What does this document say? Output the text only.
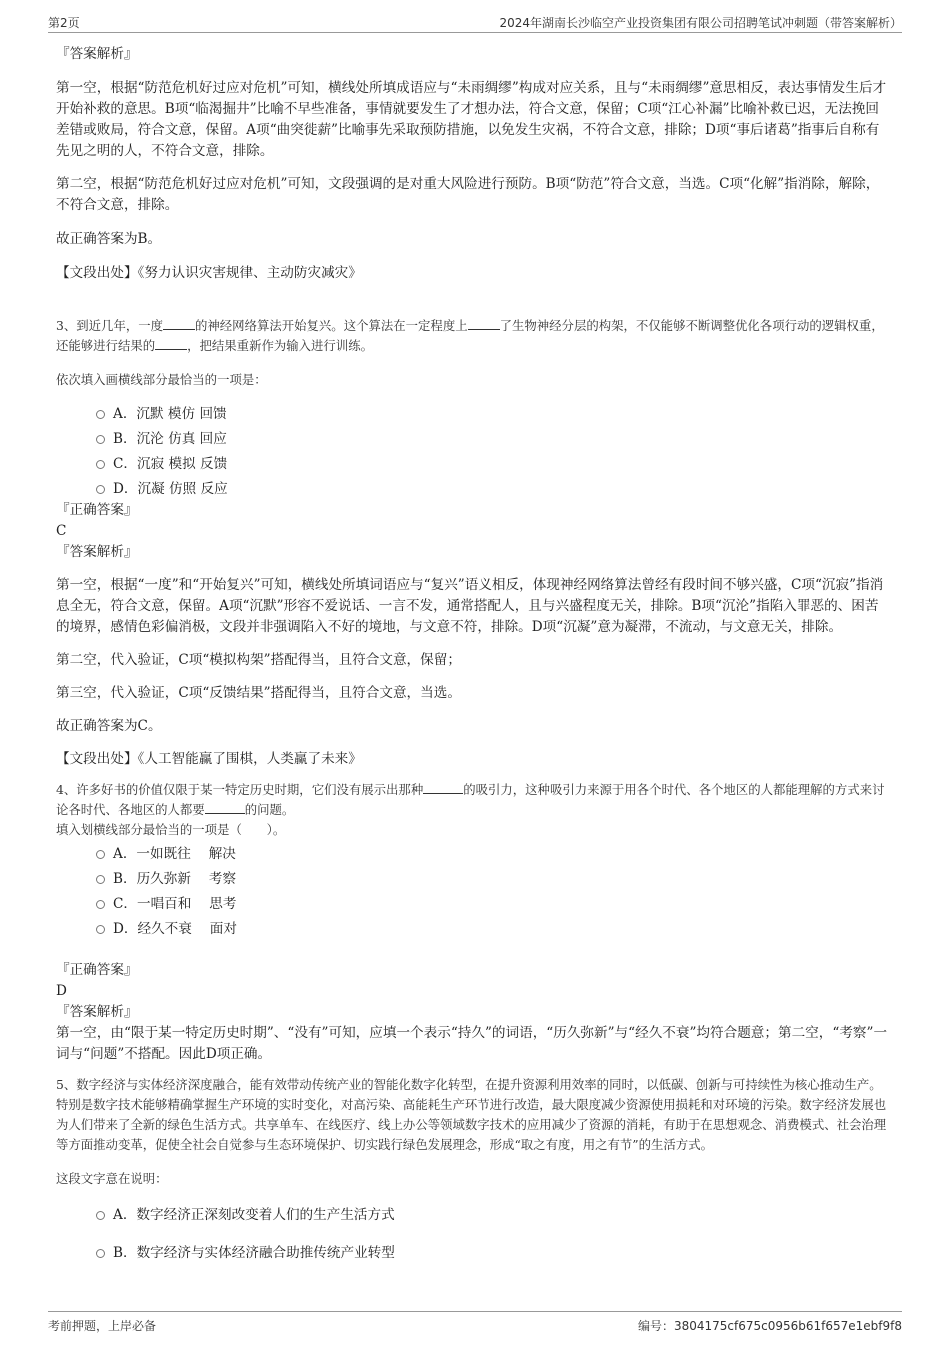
第2页	2024年湖南长沙临空产业投资集团有限公司招聘笔试冲刺题（带答案解析）

『答案解析』

第一空，根据“防范危机好过应对危机”可知，横线处所填成语应与“未雨绸缪”构成对应关系，且与“未雨绸缪”意思相反，表达事情发生后才开始补救的意思。B项“临渴掘井”比喻不早些准备，事情就要发生了才想办法，符合文意，保留；C项“江心补漏”比喻补救已迟，无法挽回差错或败局，符合文意，保留。A项“曲突徙薪”比喻事先采取预防措施，以免发生灾祸，不符合文意，排除；D项“事后诸葛”指事后自称有先见之明的人，不符合文意，排除。

第二空，根据“防范危机好过应对危机”可知，文段强调的是对重大风险进行预防。B项“防范”符合文意，当选。C项“化解”指消除，解除，不符合文意，排除。

故正确答案为B。

【文段出处】《努力认识灾害规律、主动防灾减灾》

3、到近几年，一度	的神经网络算法开始复兴。这个算法在一定程度上	了生物神经分层的构架，不仅能够不断调整优化各项行动的逻辑权重，还能够进行结果的	，把结果重新作为输入进行训练。

依次填入画横线部分最恰当的一项是：

A．沉默 模仿 回馈
B．沉沦 仿真 回应
C．沉寂 模拟 反馈
D．沉凝 仿照 反应

『正确答案』

C

『答案解析』

第一空，根据“一度”和“开始复兴”可知，横线处所填词语应与“复兴”语义相反，体现神经网络算法曾经有段时间不够兴盛，C项“沉寂”指消息全无，符合文意，保留。A项“沉默”形容不爱说话、一言不发，通常搭配人，且与兴盛程度无关，排除。B项“沉沦”指陷入罪恶的、困苦的境界，感情色彩偏消极，文段并非强调陷入不好的境地，与文意不符，排除。D项“沉凝”意为凝滞，不流动，与文意无关，排除。

第二空，代入验证，C项“模拟构架”搭配得当，且符合文意，保留；

第三空，代入验证，C项“反馈结果”搭配得当，且符合文意，当选。

故正确答案为C。

【文段出处】《人工智能赢了围棋，人类赢了未来》

4、许多好书的价值仅限于某一特定历史时期，它们没有展示出那种	的吸引力，这种吸引力来源于用各个时代、各个地区的人都能理解的方式来讨论各时代、各地区的人都要	的问题。

填入划横线部分最恰当的一项是（　　）。

A．一如既往　 解决
B．历久弥新　 考察
C．一唱百和　 思考
D．经久不衰　 面对

『正确答案』

D

『答案解析』

第一空，由“限于某一特定历史时期”、“没有”可知，应填一个表示“持久”的词语，“历久弥新”与“经久不衰”均符合题意；第二空，“考察”一词与“问题”不搭配。因此D项正确。

5、数字经济与实体经济深度融合，能有效带动传统产业的智能化数字化转型，在提升资源利用效率的同时，以低碳、创新与可持续性为核心推动生产。特别是数字技术能够精确掌握生产环境的实时变化，对高污染、高能耗生产环节进行改造，最大限度减少资源使用损耗和对环境的污染。数字经济发展也为人们带来了全新的绿色生活方式。共享单车、在线医疗、线上办公等领域数字技术的应用减少了资源的消耗，有助于在思想观念、消费模式、社会治理等方面推动变革，促使全社会自觉参与生态环境保护、切实践行绿色发展理念，形成“取之有度，用之有节”的生活方式。

这段文字意在说明：

A．数字经济正深刻改变着人们的生产生活方式
B．数字经济与实体经济融合助推传统产业转型
考前押题，上岸必备	编号：3804175cf675c0956b61f657e1ebf9f8
